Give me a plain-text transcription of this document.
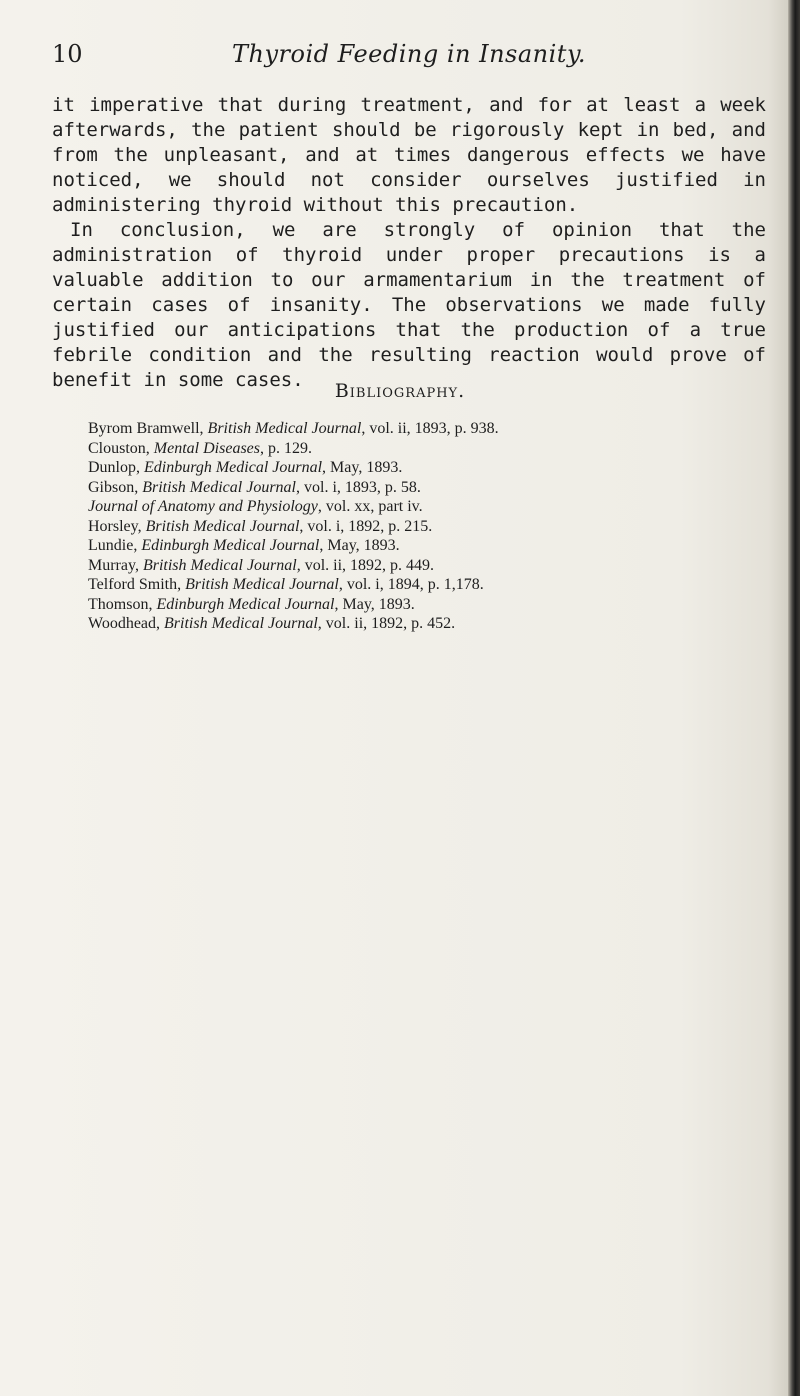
10	Thyroid Feeding in Insanity.

it imperative that during treatment, and for at least a week afterwards, the patient should be rigorously kept in bed, and from the unpleasant, and at times dangerous effects we have noticed, we should not consider ourselves justified in administering thyroid without this precaution.

In conclusion, we are strongly of opinion that the administration of thyroid under proper precautions is a valuable addition to our armamentarium in the treatment of certain cases of insanity. The observations we made fully justified our anticipations that the production of a true febrile condition and the resulting reaction would prove of benefit in some cases.	Bibliography.
Byrom Bramwell, British Medical Journal, vol. ii, 1893, p. 938.
Clouston, Mental Diseases, p. 129.
Dunlop, Edinburgh Medical Journal, May, 1893.
Gibson, British Medical Journal, vol. i, 1893, p. 58.
Journal of Anatomy and Physiology, vol. xx, part iv.
Horsley, British Medical Journal, vol. i, 1892, p. 215.
Lundie, Edinburgh Medical Journal, May, 1893.
Murray, British Medical Journal, vol. ii, 1892, p. 449.
Telford Smith, British Medical Journal, vol. i, 1894, p. 1,178.
Thomson, Edinburgh Medical Journal, May, 1893.
Woodhead, British Medical Journal, vol. ii, 1892, p. 452.
